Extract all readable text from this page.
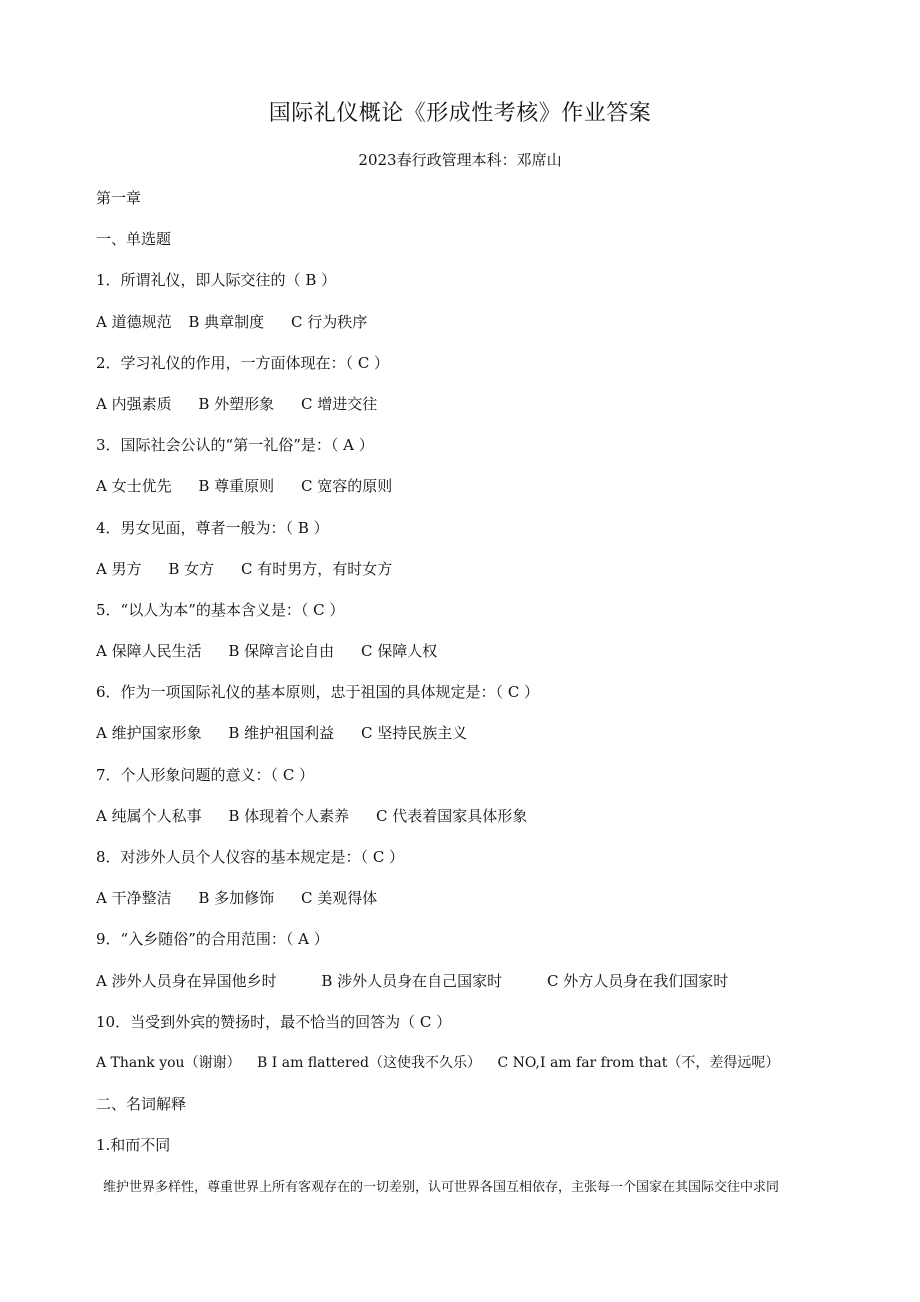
国际礼仪概论《形成性考核》作业答案
2023春行政管理本科：邓席山
第一章
一、单选题
1．所谓礼仪，即人际交往的（ B ）
A 道德规范 B 典章制度 C 行为秩序
2．学习礼仪的作用，一方面体现在：（ C ）
A 内强素质 B 外塑形象 C 增进交往
3．国际社会公认的“第一礼俗”是：（ A ）
A 女士优先 B 尊重原则 C 宽容的原则
4．男女见面，尊者一般为：（ B ）
A 男方 B 女方 C 有时男方，有时女方
5．“以人为本”的基本含义是：（ C ）
A 保障人民生活 B 保障言论自由 C 保障人权
6．作为一项国际礼仪的基本原则，忠于祖国的具体规定是：（ C ）
A 维护国家形象 B 维护祖国利益 C 坚持民族主义
7．个人形象问题的意义：（ C ）
A 纯属个人私事 B 体现着个人素养 C 代表着国家具体形象
8．对涉外人员个人仪容的基本规定是：（ C ）
A 干净整洁 B 多加修饰 C 美观得体
9．“入乡随俗”的合用范围：（ A ）
A 涉外人员身在异国他乡时	B 涉外人员身在自己国家时	C 外方人员身在我们国家时
10．当受到外宾的赞扬时，最不恰当的回答为（ C ）
A Thank you（谢谢） B I am flattered（这使我不久乐） C NO,I am far from that（不，差得远呢）
二、名词解释
1.和而不同
维护世界多样性，尊重世界上所有客观存在的一切差别，认可世界各国互相依存，主张每一个国家在其国际交往中求同
